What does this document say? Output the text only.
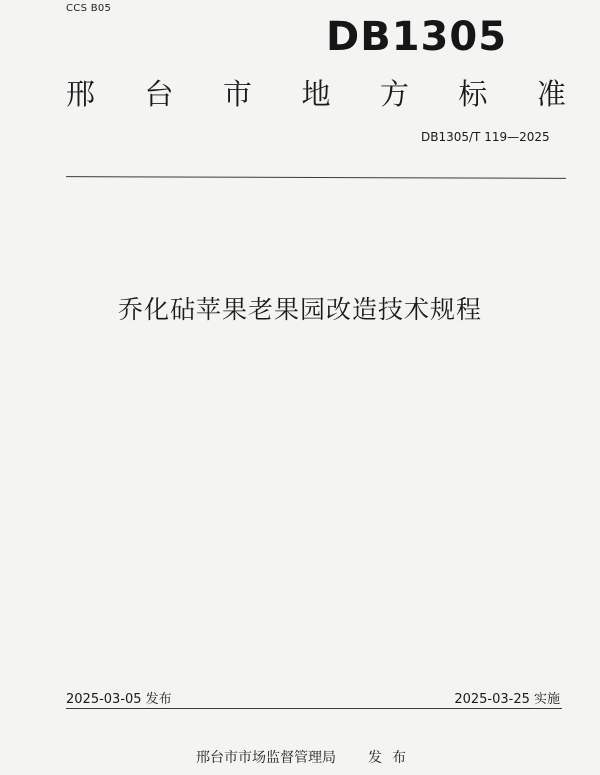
CCS B05
DB1305
邢 台 市 地 方 标 准
DB1305/T 119—2025
乔化砧苹果老果园改造技术规程
2025-03-05 发布	2025-03-25 实施
邢台市市场监督管理局 发布
